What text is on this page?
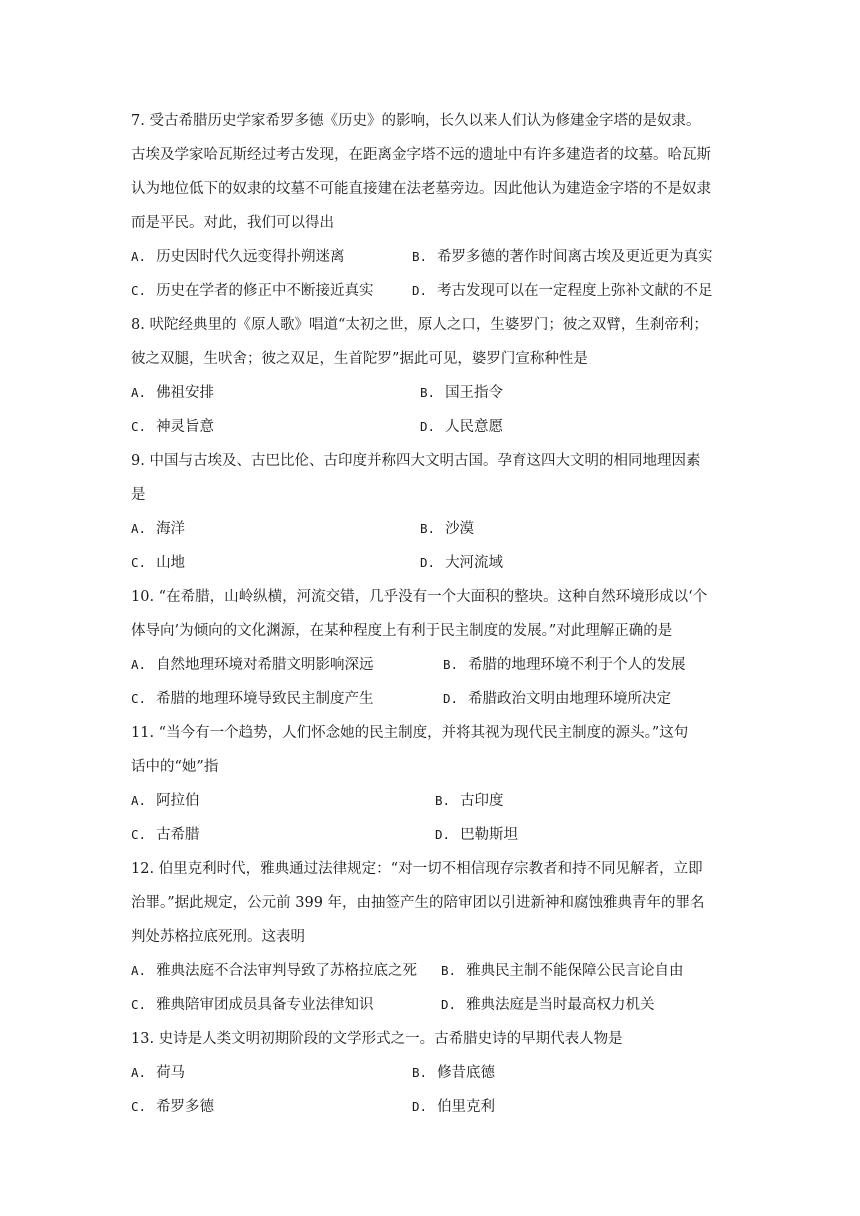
7. 受古希腊历史学家希罗多德《历史》的影响，长久以来人们认为修建金字塔的是奴隶。
古埃及学家哈瓦斯经过考古发现，在距离金字塔不远的遗址中有许多建造者的坟墓。哈瓦斯
认为地位低下的奴隶的坟墓不可能直接建在法老墓旁边。因此他认为建造金字塔的不是奴隶
而是平民。对此，我们可以得出
A. 历史因时代久远变得扑朔迷离	B. 希罗多德的著作时间离古埃及更近更为真实
C. 历史在学者的修正中不断接近真实	D. 考古发现可以在一定程度上弥补文献的不足
8. 吠陀经典里的《原人歌》唱道“太初之世，原人之口，生婆罗门；彼之双臂，生刹帝利；
彼之双腿，生吠舍；彼之双足，生首陀罗”据此可见，婆罗门宣称种性是
A. 佛祖安排	B. 国王指令
C. 神灵旨意	D. 人民意愿
9. 中国与古埃及、古巴比伦、古印度并称四大文明古国。孕育这四大文明的相同地理因素
是
A. 海洋	B. 沙漠
C. 山地	D. 大河流域
10. “在希腊，山岭纵横，河流交错，几乎没有一个大面积的整块。这种自然环境形成以‘个
体导向’为倾向的文化渊源，在某种程度上有利于民主制度的发展。”对此理解正确的是
A. 自然地理环境对希腊文明影响深远	B. 希腊的地理环境不利于个人的发展
C. 希腊的地理环境导致民主制度产生	D. 希腊政治文明由地理环境所决定
11. “当今有一个趋势，人们怀念她的民主制度，并将其视为现代民主制度的源头。”这句
话中的“她”指
A. 阿拉伯	B. 古印度
C. 古希腊	D. 巴勒斯坦
12. 伯里克利时代，雅典通过法律规定：“对一切不相信现存宗教者和持不同见解者，立即
治罪。”据此规定，公元前 399 年，由抽签产生的陪审团以引进新神和腐蚀雅典青年的罪名
判处苏格拉底死刑。这表明
A. 雅典法庭不合法审判导致了苏格拉底之死 B. 雅典民主制不能保障公民言论自由
C. 雅典陪审团成员具备专业法律知识	D. 雅典法庭是当时最高权力机关
13. 史诗是人类文明初期阶段的文学形式之一。古希腊史诗的早期代表人物是
A. 荷马	B. 修昔底德
C. 希罗多德	D. 伯里克利
